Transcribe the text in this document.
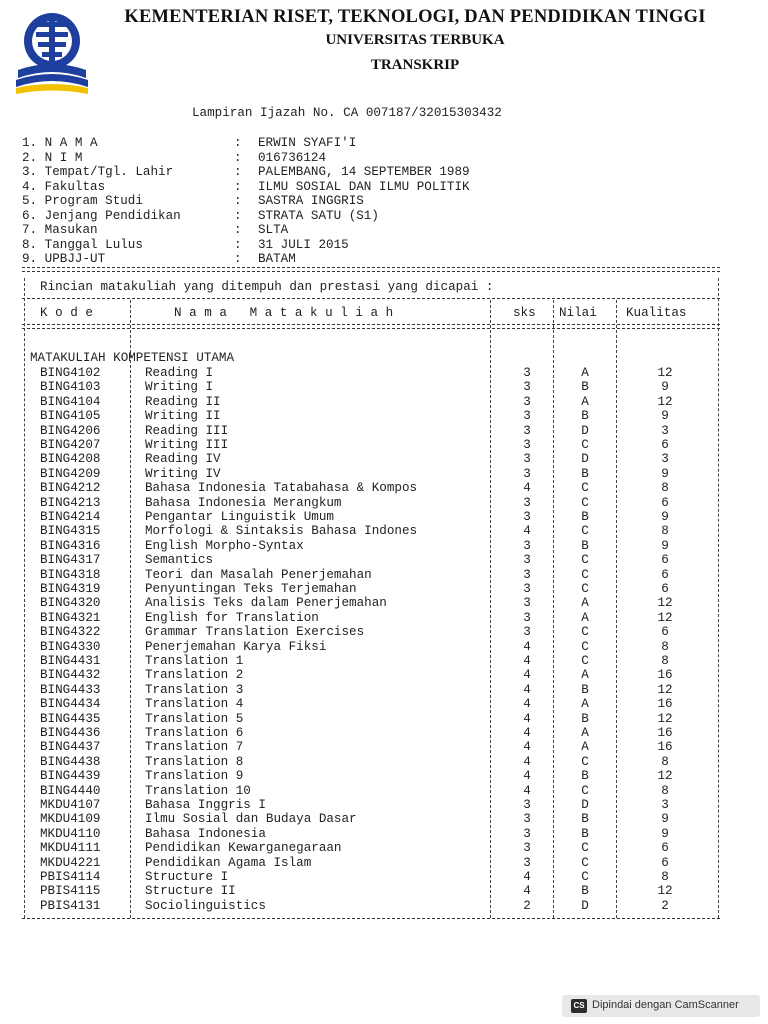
KEMENTERIAN RISET, TEKNOLOGI, DAN PENDIDIKAN TINGGI
UNIVERSITAS TERBUKA
TRANSKRIP
Lampiran Ijazah No. CA 007187/32015303432
1. N A M A	: ERWIN SYAFI'I
2. N I M	: 016736124
3. Tempat/Tgl. Lahir	: PALEMBANG, 14 SEPTEMBER 1989
4. Fakultas	: ILMU SOSIAL DAN ILMU POLITIK
5. Program Studi	: SASTRA INGGRIS
6. Jenjang Pendidikan	: STRATA SATU (S1)
7. Masukan	: SLTA
8. Tanggal Lulus	: 31 JULI 2015
9. UPBJJ-UT	: BATAM
Rincian matakuliah yang ditempuh dan prestasi yang dicapai :
K o d e	N a m a   M a t a k u l i a h	sks Nilai Kualitas
MATAKULIAH KOMPETENSI UTAMA
BING4102	Reading I	3	A	12
BING4103	Writing I	3	B	9
BING4104	Reading II	3	A	12
BING4105	Writing II	3	B	9
BING4206	Reading III	3	D	3
BING4207	Writing III	3	C	6
BING4208	Reading IV	3	D	3
BING4209	Writing IV	3	B	9
BING4212	Bahasa Indonesia Tatabahasa & Kompos	4	C	8
BING4213	Bahasa Indonesia Merangkum	3	C	6
BING4214	Pengantar Linguistik Umum	3	B	9
BING4315	Morfologi & Sintaksis Bahasa Indones	4	C	8
BING4316	English Morpho-Syntax	3	B	9
BING4317	Semantics	3	C	6
BING4318	Teori dan Masalah Penerjemahan	3	C	6
BING4319	Penyuntingan Teks Terjemahan	3	C	6
BING4320	Analisis Teks dalam Penerjemahan	3	A	12
BING4321	English for Translation	3	A	12
BING4322	Grammar Translation Exercises	3	C	6
BING4330	Penerjemahan Karya Fiksi	4	C	8
BING4431	Translation 1	4	C	8
BING4432	Translation 2	4	A	16
BING4433	Translation 3	4	B	12
BING4434	Translation 4	4	A	16
BING4435	Translation 5	4	B	12
BING4436	Translation 6	4	A	16
BING4437	Translation 7	4	A	16
BING4438	Translation 8	4	C	8
BING4439	Translation 9	4	B	12
BING4440	Translation 10	4	C	8
MKDU4107	Bahasa Inggris I	3	D	3
MKDU4109	Ilmu Sosial dan Budaya Dasar	3	B	9
MKDU4110	Bahasa Indonesia	3	B	9
MKDU4111	Pendidikan Kewarganegaraan	3	C	6
MKDU4221	Pendidikan Agama Islam	3	C	6
PBIS4114	Structure I	4	C	8
PBIS4115	Structure II	4	B	12
PBIS4131	Sociolinguistics	2	D	2
CS Dipindai dengan CamScanner
